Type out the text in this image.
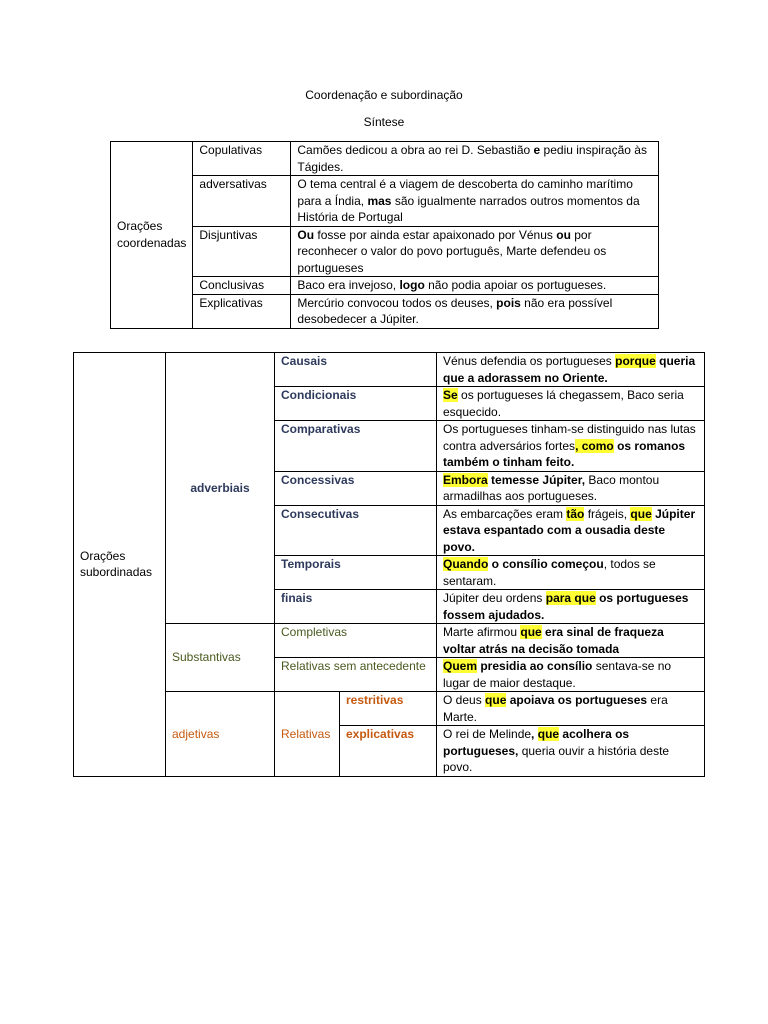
Coordenação e subordinação
Síntese
Orações coordenadas	Copulativas	Camões dedicou a obra ao rei D. Sebastião e pediu inspiração às Tágides.
	adversativas	O tema central é a viagem de descoberta do caminho marítimo para a Índia, mas são igualmente narrados outros momentos da História de Portugal
	Disjuntivas	Ou fosse por ainda estar apaixonado por Vénus ou por reconhecer o valor do povo português, Marte defendeu os portugueses
	Conclusivas	Baco era invejoso, logo não podia apoiar os portugueses.
	Explicativas	Mercúrio convocou todos os deuses, pois não era possível desobedecer a Júpiter.
Orações subordinadas	adverbiais	Causais		Vénus defendia os portugueses porque queria que a adorassem no Oriente.
		Condicionais		Se os portugueses lá chegassem, Baco seria esquecido.
		Comparativas		Os portugueses tinham-se distinguido nas lutas contra adversários fortes, como os romanos também o tinham feito.
		Concessivas		Embora temesse Júpiter, Baco montou armadilhas aos portugueses.
		Consecutivas		As embarcações eram tão frágeis, que Júpiter estava espantado com a ousadia deste povo.
		Temporais		Quando o consílio começou, todos se sentaram.
		finais		Júpiter deu ordens para que os portugueses fossem ajudados.
	Substantivas	Completivas		Marte afirmou que era sinal de fraqueza voltar atrás na decisão tomada
		Relativas sem antecedente		Quem presidia ao consílio sentava-se no lugar de maior destaque.
	adjetivas	Relativas	restritivas	O deus que apoiava os portugueses era Marte.
			explicativas	O rei de Melinde, que acolhera os portugueses, queria ouvir a história deste povo.
